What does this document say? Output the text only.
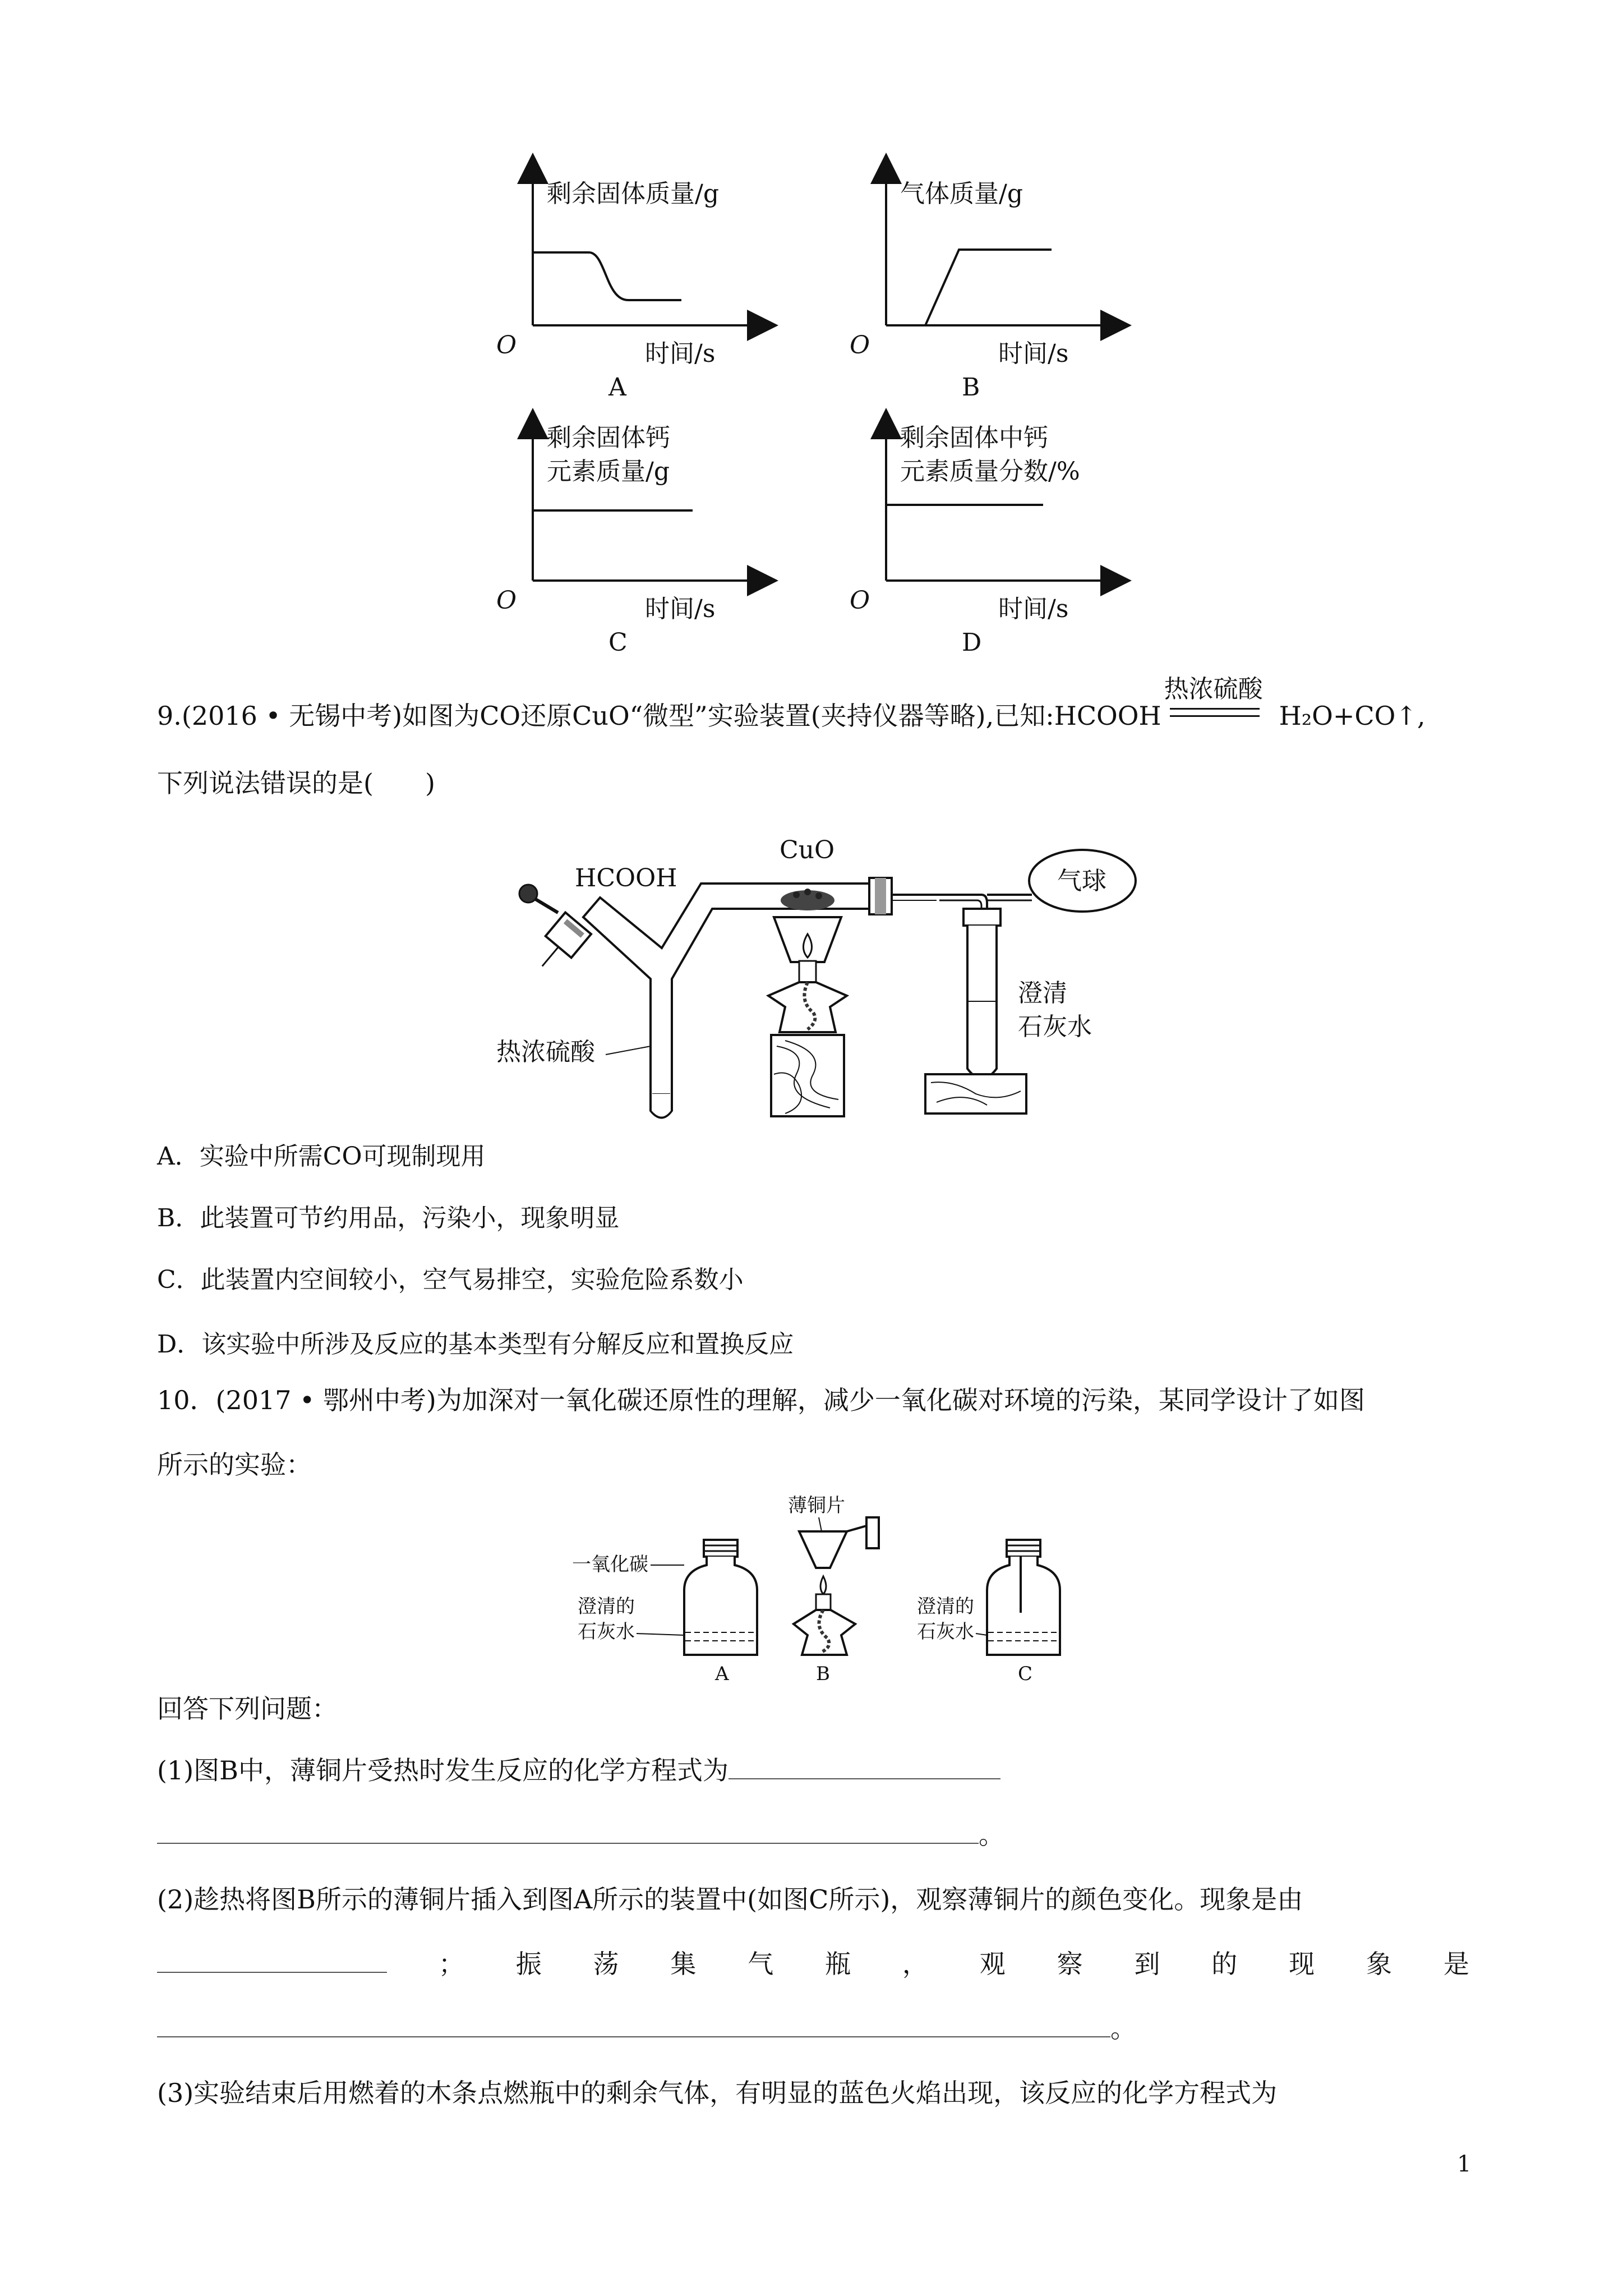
剩余固体质量/g
时间/s
O
A
气体质量/g
时间/s
O
B
剩余固体钙
元素质量/g
时间/s
O
C
剩余固体中钙
元素质量分数/%
时间/s
O
D
9.(2016 • 无锡中考)如图为CO还原CuO“微型”实验装置(夹持仪器等略),已知:HCOOH
热浓硫酸
H₂O+CO↑,
下列说法错误的是(　　)
HCOOH
CuO
气球
热浓硫酸
澄清
石灰水
A．实验中所需CO可现制现用
B．此装置可节约用品，污染小，现象明显
C．此装置内空间较小，空气易排空，实验危险系数小
D．该实验中所涉及反应的基本类型有分解反应和置换反应
10．(2017 • 鄂州中考)为加深对一氧化碳还原性的理解，减少一氧化碳对环境的污染，某同学设计了如图
所示的实验：
一氧化碳
澄清的
石灰水
薄铜片
澄清的
石灰水
A	B	C
回答下列问题：
(1)图B中，薄铜片受热时发生反应的化学方程式为
。
(2)趁热将图B所示的薄铜片插入到图A所示的装置中(如图C所示)，观察薄铜片的颜色变化。现象是由
； 振 荡 集 气 瓶 ， 观 察 到 的 现 象 是
。
(3)实验结束后用燃着的木条点燃瓶中的剩余气体，有明显的蓝色火焰出现，该反应的化学方程式为
1
